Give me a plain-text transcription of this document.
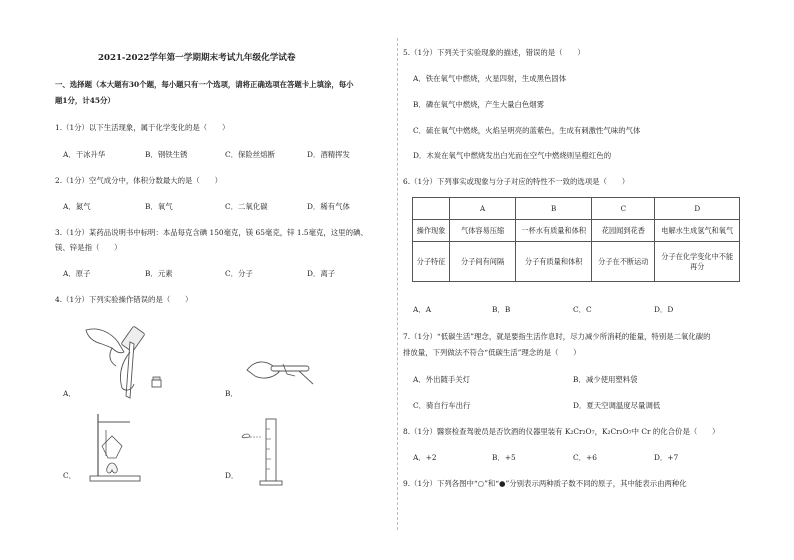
2021-2022学年第一学期期末考试九年级化学试卷
一、选择题（本大题有30个题，每小题只有一个选项，请将正确选项在答题卡上填涂，每小
题1分，计45分）
1.（1分）以下生活现象，属于化学变化的是（　　）
A．干冰升华	B．钢铁生锈	C．保险丝熔断	D．酒精挥发
2.（1分）空气成分中，体积分数最大的是（　　）
A．氮气	B．氧气	C．二氧化碳	D．稀有气体
3.（1分）某药品说明书中标明：本品每克含碘 150毫克，镁 65毫克，锌 1.5毫克，这里的碘、
镁、锌是指（　　）
A．原子	B．元素	C．分子	D．离子
4.（1分）下列实验操作错误的是（　　）
A．	B．
C．	D．
5.（1分）下列关于实验现象的描述，错误的是（　　）
A．铁在氧气中燃烧，火星四射，生成黑色固体
B．磷在氧气中燃烧，产生大量白色烟雾
C．硫在氧气中燃烧，火焰呈明亮的蓝紫色，生成有刺激性气味的气体
D．木炭在氧气中燃烧发出白光而在空气中燃烧则呈橙红色的
6.（1分）下列事实或现象与分子对应的特性不一致的选项是（　　）
	A	B	C	D
操作现象	气体容易压缩	一杯水有质量和体积	花园闻到花香	电解水生成氢气和氧气
分子特征	分子间有间隔	分子有质量和体积	分子在不断运动	分子在化学变化中不能
再分
A．A	B．B	C．C	D．D
7.（1分）“低碳生活”理念，就是要指生活作息时，尽力减少所消耗的能量，特别是二氧化碳的
排放量，下列做法不符合“低碳生活”理念的是（　　）
A．外出随手关灯	B．减少使用塑料袋
C．骑自行车出行	D．夏天空调温度尽量调低
8.（1分）醫察检查驾驶员是否饮酒的仪器里装有 K₂Cr₂O₇，K₂Cr₂O₇中 Cr 的化合价是（　　）
A．+2	B．+5	C．+6	D．+7
9.（1分）下列各图中“○”和“●”分别表示两种质子数不同的原子，其中能表示由两种化
